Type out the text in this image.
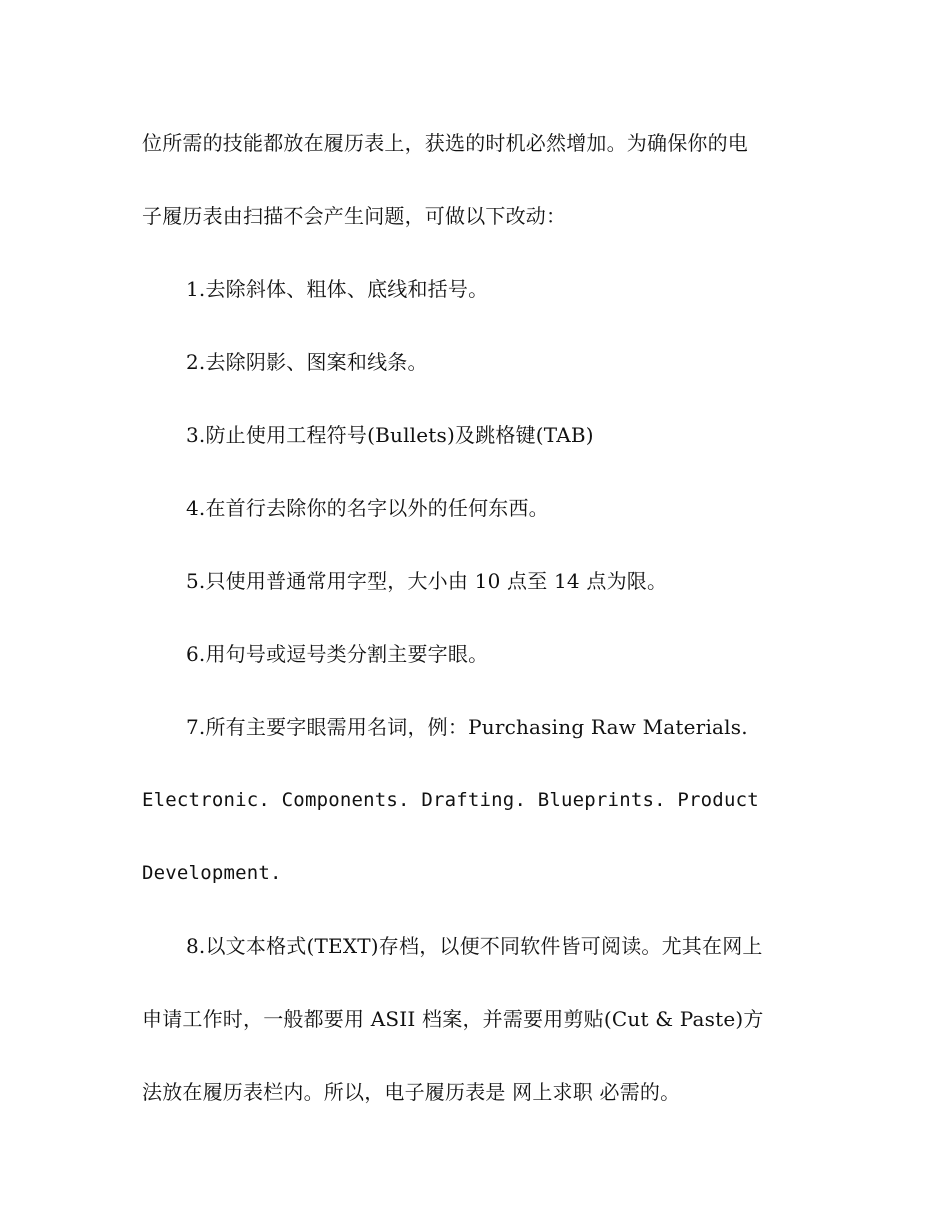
位所需的技能都放在履历表上，获选的时机必然增加。为确保你的电
子履历表由扫描不会产生问题，可做以下改动：
1.去除斜体、粗体、底线和括号。
2.去除阴影、图案和线条。
3.防止使用工程符号(Bullets)及跳格键(TAB)
4.在首行去除你的名字以外的任何东西。
5.只使用普通常用字型，大小由 10 点至 14 点为限。
6.用句号或逗号类分割主要字眼。
7.所有主要字眼需用名词，例：Purchasing Raw Materials.
Electronic. Components. Drafting. Blueprints. Product
Development.
8.以文本格式(TEXT)存档，以便不同软件皆可阅读。尤其在网上
申请工作时，一般都要用 ASII 档案，并需要用剪贴(Cut & Paste)方
法放在履历表栏内。所以，电子履历表是 网上求职 必需的。
